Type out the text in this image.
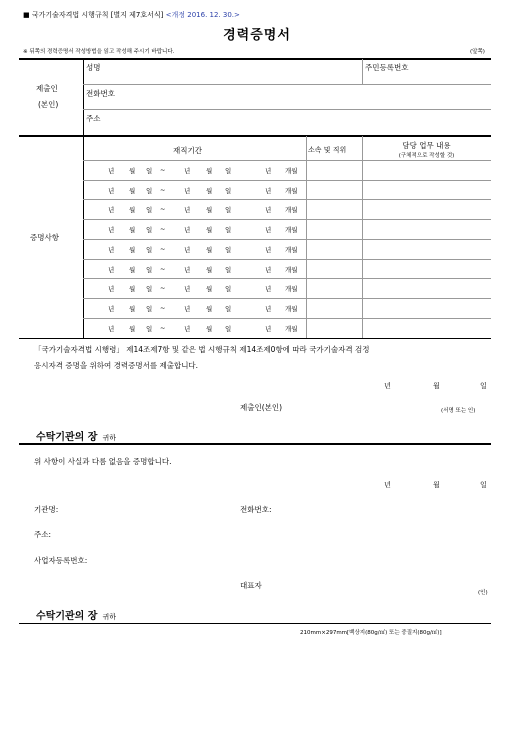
■ 국가기술자격법 시행규칙 [별지 제7호서식] <개정 2016. 12. 30.>
경력증명서
※ 뒤쪽의 경력증명서 작성방법을 읽고 작성해 주시기 바랍니다.	(앞쪽)
제출인
(본인)
성명	주민등록번호
전화번호
주소
증명사항
재직기간	소속 및 직위	담당 업무 내용
(구체적으로 작성할 것)
년 월 일 ~	년 월 일	년 개월
년 월 일 ~	년 월 일	년 개월
년 월 일 ~	년 월 일	년 개월
년 월 일 ~	년 월 일	년 개월
년 월 일 ~	년 월 일	년 개월
년 월 일 ~	년 월 일	년 개월
년 월 일 ~	년 월 일	년 개월
년 월 일 ~	년 월 일	년 개월
년 월 일 ~	년 월 일	년 개월
「국가기술자격법 시행령」 제14조제7항 및 같은 법 시행규칙 제14조제0항에 따라 국가기술자격 검정
응시자격 증명을 위하여 경력증명서를 제출합니다.
년	월	일
제출인(본인)	(서명 또는 인)
수탁기관의 장 귀하
위 사항이 사실과 다름 없음을 증명합니다.
년	월	일
기관명:	전화번호:
주소:
사업자등록번호:
대표자
(인)
수탁기관의 장 귀하
210mm×297mm[백상지(80g/㎡) 또는 중질지(80g/㎡)]
